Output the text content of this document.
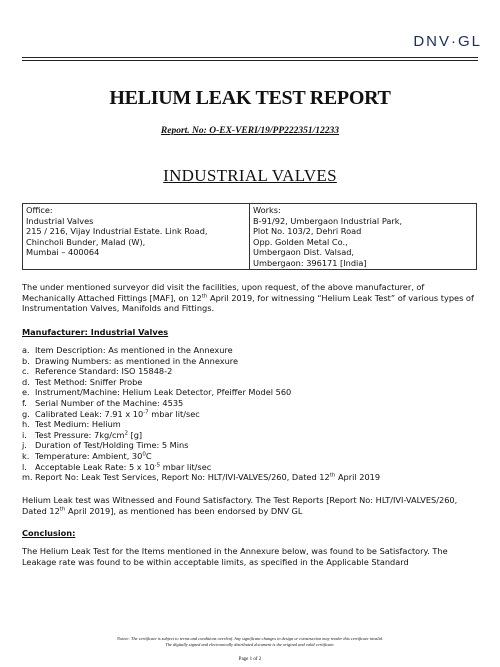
DNV·GL
HELIUM LEAK TEST REPORT
Report. No: O-EX-VERI/19/PP222351/12233
INDUSTRIAL VALVES
Office:
Industrial Valves
215 / 216, Vijay Industrial Estate. Link Road,
Chincholi Bunder, Malad (W),
Mumbai – 400064

Works:
B-91/92, Umbergaon Industrial Park,
Plot No. 103/2, Dehri Road
Opp. Golden Metal Co.,
Umbergaon Dist. Valsad,
Umbergaon: 396171 [India]
The under mentioned surveyor did visit the facilities, upon request, of the above manufacturer, of Mechanically Attached Fittings [MAF], on 12th April 2019, for witnessing “Helium Leak Test” of various types of Instrumentation Valves, Manifolds and Fittings.
Manufacturer: Industrial Valves
a. Item Description: As mentioned in the Annexure
b. Drawing Numbers: as mentioned in the Annexure
c. Reference Standard: ISO 15848-2
d. Test Method: Sniffer Probe
e. Instrument/Machine: Helium Leak Detector, Pfeiffer Model 560
f. Serial Number of the Machine: 4535
g. Calibrated Leak: 7.91 x $10^{-7}$ mbar lit/sec
h. Test Medium: Helium
i. Test Pressure: $7kg/cm^2$ [g]
j. Duration of Test/Holding Time: 5 Mins
k. Temperature: Ambient, $30^0C$
l. Acceptable Leak Rate: 5 x $10^{-5}$ mbar lit/sec
m. Report No: Leak Test Services, Report No: HLT/IVI-VALVES/260, Dated 12th April 2019
Helium Leak test was Witnessed and Found Satisfactory. The Test Reports [Report No: HLT/IVI-VALVES/260, Dated 12th April 2019], as mentioned has been endorsed by DNV GL
Conclusion:
The Helium Leak Test for the Items mentioned in the Annexure below, was found to be Satisfactory. The Leakage rate was found to be within acceptable limits, as specified in the Applicable Standard
Notice: The certificate is subject to terms and conditions overleaf. Any significant changes in design or construction may render this certificate invalid.
The digitally signed and electronically distributed document is the original and valid certificate.
Page 1 of 2
